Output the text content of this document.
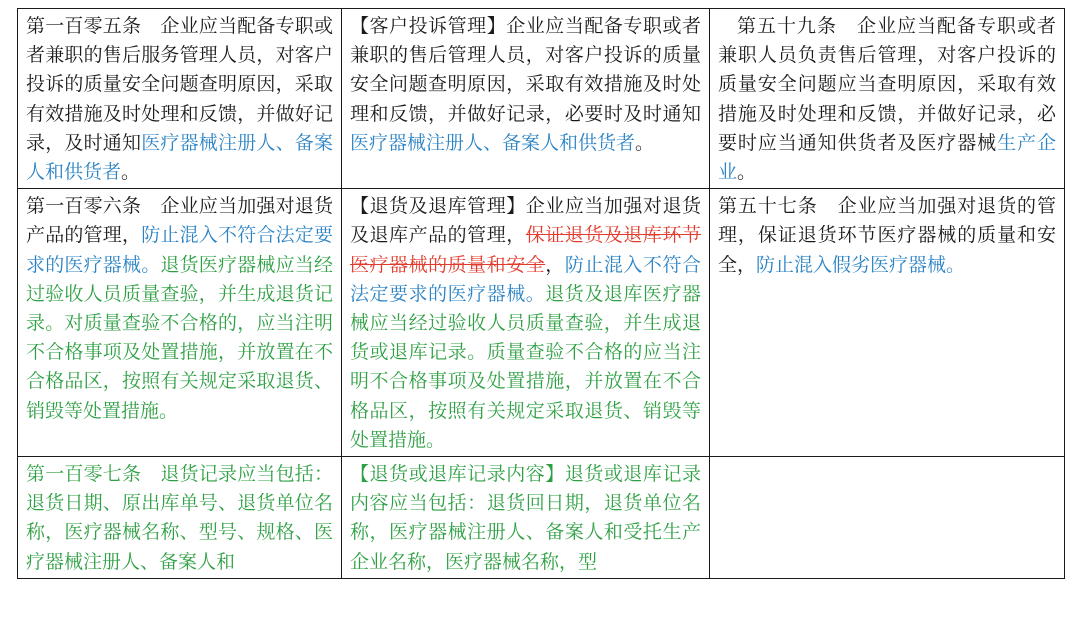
第一百零五条　企业应当配备专职或者兼职的售后服务管理人员，对客户投诉的质量安全问题查明原因，采取有效措施及时处理和反馈，并做好记录，及时通知医疗器械注册人、备案人和供货者。	【客户投诉管理】企业应当配备专职或者兼职的售后管理人员，对客户投诉的质量安全问题查明原因，采取有效措施及时处理和反馈，并做好记录，必要时及时通知医疗器械注册人、备案人和供货者。	第五十九条　企业应当配备专职或者兼职人员负责售后管理，对客户投诉的质量安全问题应当查明原因，采取有效措施及时处理和反馈，并做好记录，必要时应当通知供货者及医疗器械生产企业。
第一百零六条　企业应当加强对退货产品的管理，防止混入不符合法定要求的医疗器械。退货医疗器械应当经过验收人员质量查验，并生成退货记录。对质量查验不合格的，应当注明不合格事项及处置措施，并放置在不合格品区，按照有关规定采取退货、销毁等处置措施。	【退货及退库管理】企业应当加强对退货及退库产品的管理，保证退货及退库环节医疗器械的质量和安全，防止混入不符合法定要求的医疗器械。退货及退库医疗器械应当经过验收人员质量查验，并生成退货或退库记录。质量查验不合格的应当注明不合格事项及处置措施，并放置在不合格品区，按照有关规定采取退货、销毁等处置措施。	第五十七条　企业应当加强对退货的管理，保证退货环节医疗器械的质量和安全，防止混入假劣医疗器械。
第一百零七条　退货记录应当包括：退货日期、原出库单号、退货单位名称，医疗器械名称、型号、规格、医疗器械注册人、备案人和	【退货或退库记录内容】退货或退库记录内容应当包括：退货回日期，退货单位名称，医疗器械注册人、备案人和受托生产企业名称，医疗器械名称，型	
